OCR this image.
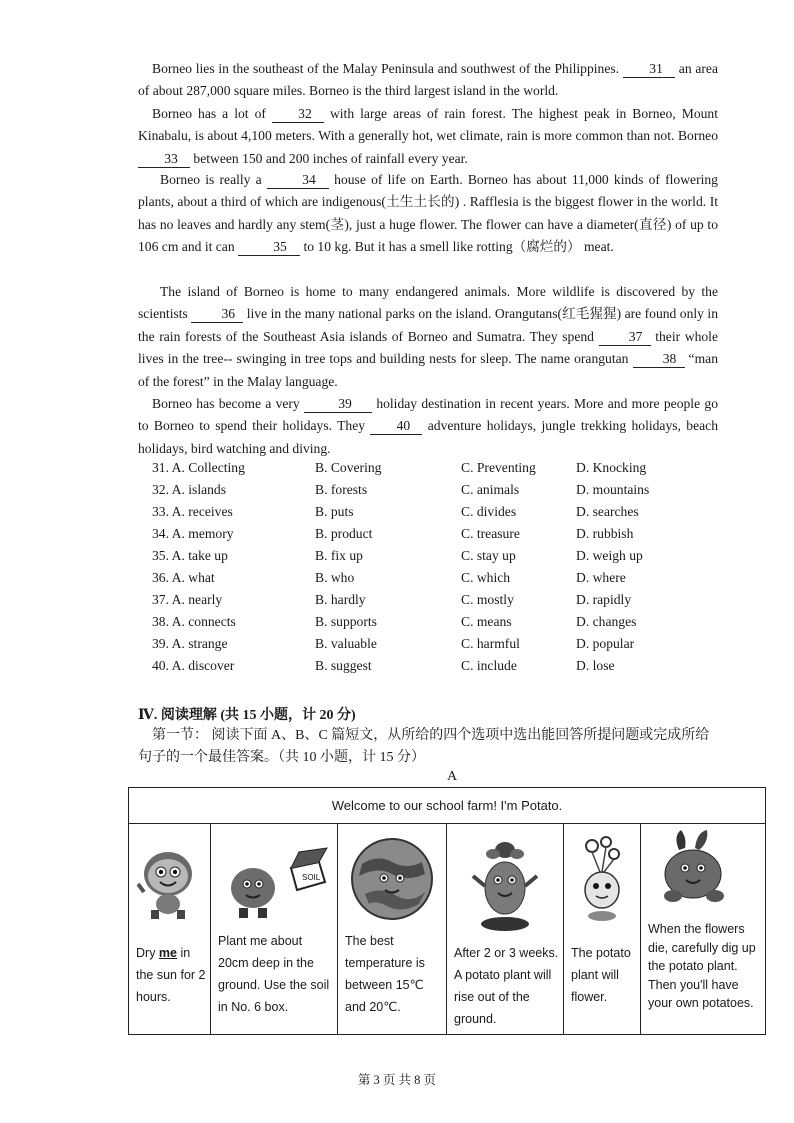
Borneo lies in the southeast of the Malay Peninsula and southwest of the Philippines. 31 an area of about 287,000 square miles. Borneo is the third largest island in the world.
Borneo has a lot of 32 with large areas of rain forest. The highest peak in Borneo, Mount Kinabalu, is about 4,100 meters. With a generally hot, wet climate, rain is more common than not. Borneo 33 between 150 and 200 inches of rainfall every year.
Borneo is really a	34 house of life on Earth. Borneo has about 11,000 kinds of flowering plants, about a third of which are indigenous(土生土长的) . Rafflesia is the biggest flower in the world. It has no leaves and hardly any stem(茎), just a huge flower. The flower can have a diameter(直径) of up to 106 cm and it can	35 to 10 kg. But it has a smell like rotting（腐烂的） meat.
The island of Borneo is home to many endangered animals. More wildlife is discovered by the scientists 36 live in the many national parks on the island. Orangutans(红毛猩猩) are found only in the rain forests of the Southeast Asia islands of Borneo and Sumatra. They spend 37 their whole lives in the tree-- swinging in tree tops and building nests for sleep. The name orangutan 38 “man of the forest” in the Malay language.
Borneo has become a very	39 holiday destination in recent years. More and more people go to Borneo to spend their holidays. They 40 adventure holidays, jungle trekking holidays, beach holidays, bird watching and diving.
31. A. Collecting	B. Covering	C. Preventing	D. Knocking
32. A. islands	B. forests	C. animals	D. mountains
33. A. receives	B. puts	C. divides	D. searches
34. A. memory	B. product	C. treasure	D. rubbish
35. A. take up	B. fix up	C. stay up	D. weigh up
36. A. what	B. who	C. which	D. where
37. A. nearly	B. hardly	C. mostly	D. rapidly
38. A. connects	B. supports	C. means	D. changes
39. A. strange	B. valuable	C. harmful	D. popular
40. A. discover	B. suggest	C. include	D. lose
Ⅳ. 阅读理解 (共 15 小题，计 20 分)
第一节： 阅读下面 A、B、C 篇短文，从所给的四个选项中选出能回答所提问题或完成所给句子的一个最佳答案。（共 10 小题，计 15 分）
A
Welcome to our school farm! I'm Potato.
Dry me in the sun for 2 hours.
SOIL
Plant me about 20cm deep in the ground. Use the soil in No. 6 box.
The best temperature is between 15℃ and 20℃.
After 2 or 3 weeks. A potato plant will rise out of the ground.
The potato plant will flower.
When the flowers die, carefully dig up the potato plant. Then you'll have your own potatoes.
第 3 页 共 8 页
